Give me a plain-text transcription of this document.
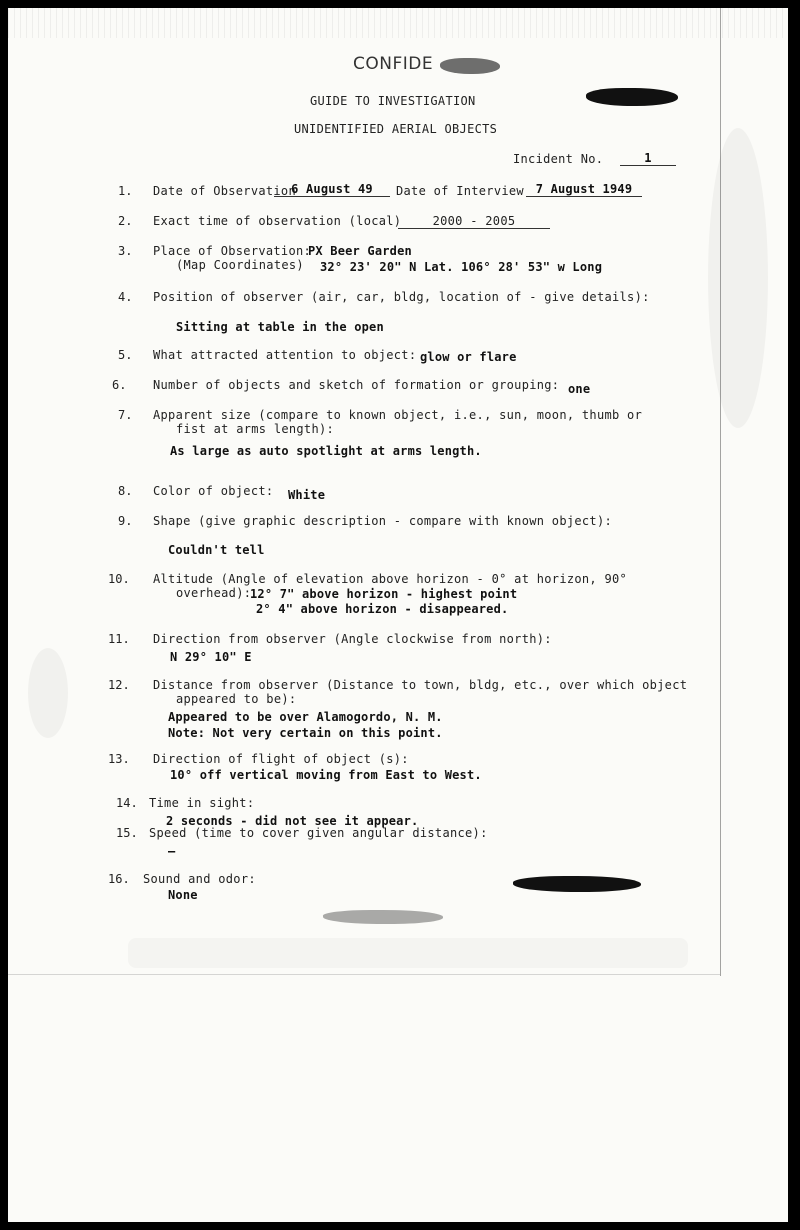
CONFIDE
GUIDE TO INVESTIGATION
UNIDENTIFIED AERIAL OBJECTS
Incident No.	1
1. Date of Observation
6 August 49	Date of Interview 7 August 1949
2. Exact time of observation (local)	2000 - 2005
3. Place of Observation:
PX Beer Garden
(Map Coordinates) 32° 23' 20" N Lat. 106° 28' 53" w Long
4. Position of observer (air, car, bldg, location of - give details):
Sitting at table in the open
5. What attracted attention to object: glow or flare
6. Number of objects and sketch of formation or grouping: one
7. Apparent size (compare to known object, i.e., sun, moon, thumb or
fist at arms length):
As large as auto spotlight at arms length.
8. Color of object: White
9. Shape (give graphic description - compare with known object):
Couldn't tell
10. Altitude (Angle of elevation above horizon - 0° at horizon, 90°
overhead):
12° 7" above horizon - highest point
2° 4" above horizon - disappeared.
11. Direction from observer (Angle clockwise from north):
N 29° 10" E
12. Distance from observer (Distance to town, bldg, etc., over which object
appeared to be):
Appeared to be over Alamogordo, N. M.
Note: Not very certain on this point.
13. Direction of flight of object (s):
10° off vertical moving from East to West.
14. Time in sight:
2 seconds - did not see it appear.
15. Speed (time to cover given angular distance):
—
16. Sound and odor:
None
